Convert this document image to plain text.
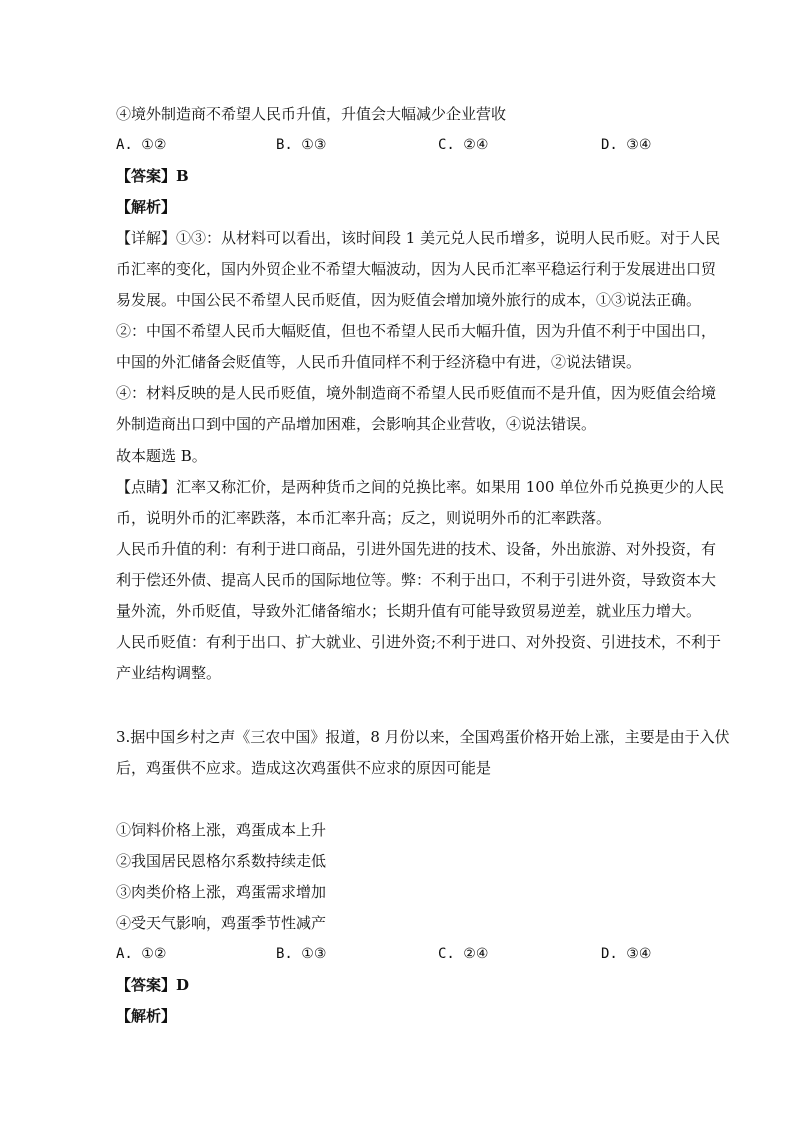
④境外制造商不希望人民币升值，升值会大幅减少企业营收
A. ①②	B. ①③	C. ②④	D. ③④
【答案】B
【解析】
【详解】①③：从材料可以看出，该时间段 1 美元兑人民币增多，说明人民币贬。对于人民
币汇率的变化，国内外贸企业不希望大幅波动，因为人民币汇率平稳运行利于发展进出口贸
易发展。中国公民不希望人民币贬值，因为贬值会增加境外旅行的成本，①③说法正确。
②：中国不希望人民币大幅贬值，但也不希望人民币大幅升值，因为升值不利于中国出口，
中国的外汇储备会贬值等，人民币升值同样不利于经济稳中有进，②说法错误。
④：材料反映的是人民币贬值，境外制造商不希望人民币贬值而不是升值，因为贬值会给境
外制造商出口到中国的产品增加困难，会影响其企业营收，④说法错误。
故本题选 B。
【点睛】汇率又称汇价，是两种货币之间的兑换比率。如果用 100 单位外币兑换更少的人民
币，说明外币的汇率跌落，本币汇率升高；反之，则说明外币的汇率跌落。
人民币升值的利：有利于进口商品，引进外国先进的技术、设备，外出旅游、对外投资，有
利于偿还外债、提高人民币的国际地位等。弊：不利于出口，不利于引进外资，导致资本大
量外流，外币贬值，导致外汇储备缩水；长期升值有可能导致贸易逆差，就业压力增大。
人民币贬值：有利于出口、扩大就业、引进外资;不利于进口、对外投资、引进技术，不利于
产业结构调整。
3.据中国乡村之声《三农中国》报道，8 月份以来，全国鸡蛋价格开始上涨，主要是由于入伏
后，鸡蛋供不应求。造成这次鸡蛋供不应求的原因可能是
①饲料价格上涨，鸡蛋成本上升
②我国居民恩格尔系数持续走低
③肉类价格上涨，鸡蛋需求增加
④受天气影响，鸡蛋季节性减产
A. ①②	B. ①③	C. ②④	D. ③④
【答案】D
【解析】
